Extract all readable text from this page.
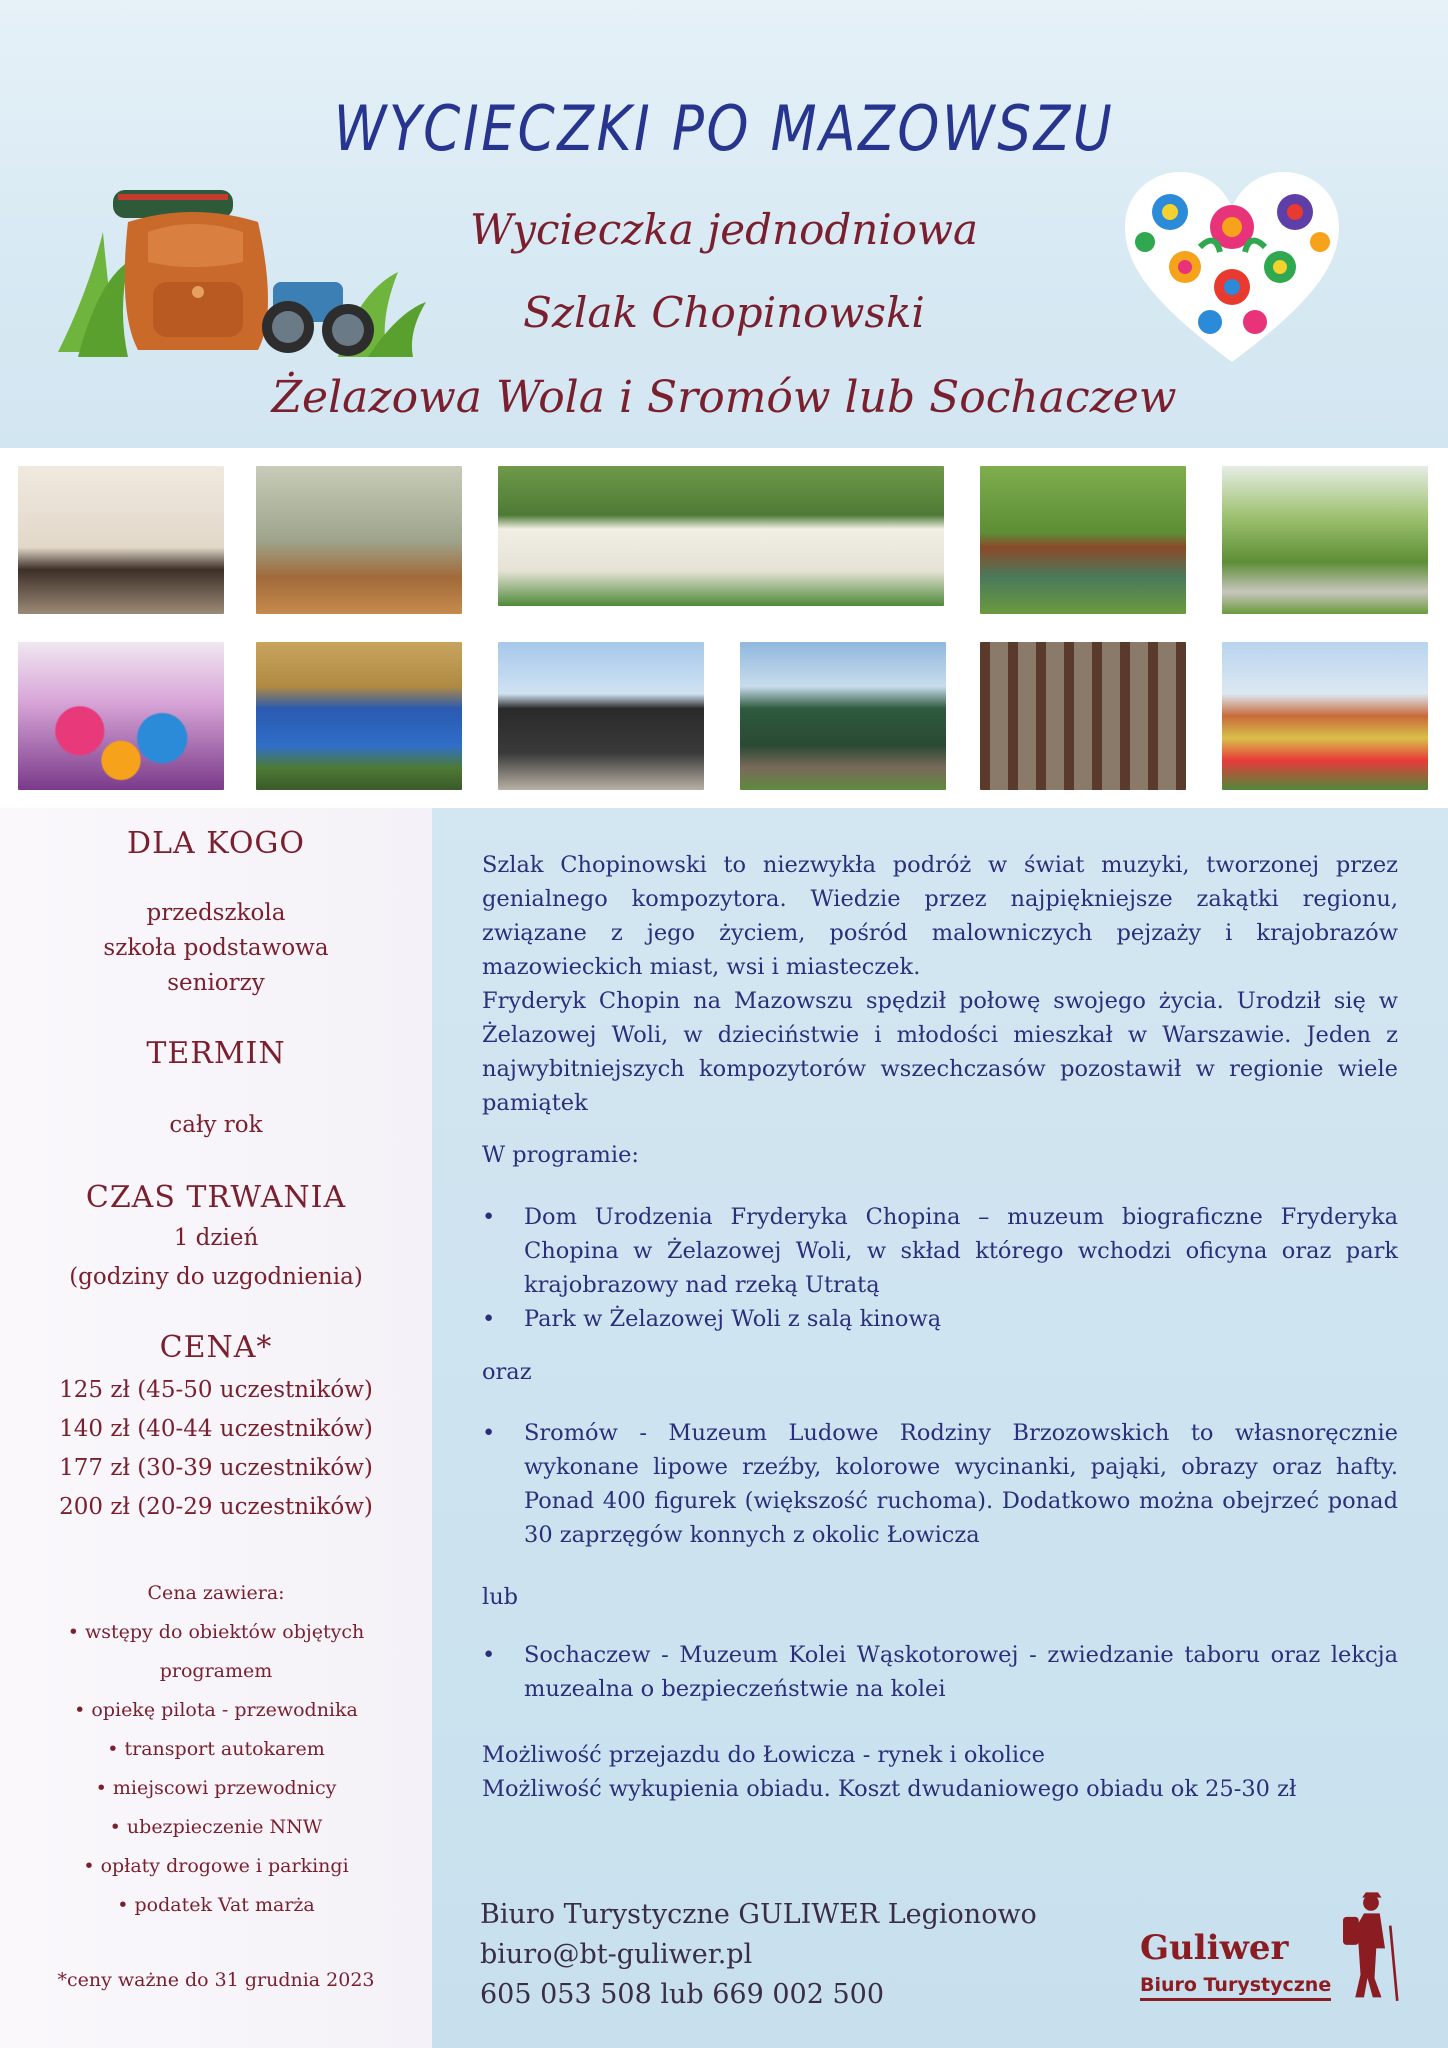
WYCIECZKI PO MAZOWSZU
Wycieczka jednodniowa
Szlak Chopinowski
Żelazowa Wola i Sromów lub Sochaczew
DLA KOGO
przedszkola
szkoła podstawowa
seniorzy
TERMIN
cały rok
CZAS TRWANIA
1 dzień
(godziny do uzgodnienia)
CENA*
125 zł (45-50 uczestników)
140 zł (40-44 uczestników)
177 zł (30-39 uczestników)
200 zł (20-29 uczestników)
Cena zawiera:
• wstępy do obiektów objętych
programem
• opiekę pilota - przewodnika
• transport autokarem
• miejscowi przewodnicy
• ubezpieczenie NNW
• opłaty drogowe i parkingi
• podatek Vat marża
*ceny ważne do 31 grudnia 2023
Szlak Chopinowski to niezwykła podróż w świat muzyki, tworzonej przez genialnego kompozytora. Wiedzie przez najpiękniejsze zakątki regionu, związane z jego życiem, pośród malowniczych pejzaży i krajobrazów mazowieckich miast, wsi i miasteczek.
Fryderyk Chopin na Mazowszu spędził połowę swojego życia. Urodził się w Żelazowej Woli, w dzieciństwie i młodości mieszkał w Warszawie. Jeden z najwybitniejszych kompozytorów wszechczasów pozostawił w regionie wiele pamiątek
W programie:
• Dom Urodzenia Fryderyka Chopina – muzeum biograficzne Fryderyka Chopina w Żelazowej Woli, w skład którego wchodzi oficyna oraz park krajobrazowy nad rzeką Utratą
• Park w Żelazowej Woli z salą kinową
oraz
• Sromów - Muzeum Ludowe Rodziny Brzozowskich to własnoręcznie wykonane lipowe rzeźby, kolorowe wycinanki, pająki, obrazy oraz hafty. Ponad 400 figurek (większość ruchoma). Dodatkowo można obejrzeć ponad 30 zaprzęgów konnych z okolic Łowicza
lub
• Sochaczew - Muzeum Kolei Wąskotorowej - zwiedzanie taboru oraz lekcja muzealna o bezpieczeństwie na kolei
Możliwość przejazdu do Łowicza - rynek i okolice
Możliwość wykupienia obiadu. Koszt dwudaniowego obiadu ok 25-30 zł
Biuro Turystyczne GULIWER Legionowo
biuro@bt-guliwer.pl
605 053 508 lub 669 002 500
Guliwer
Biuro Turystyczne
